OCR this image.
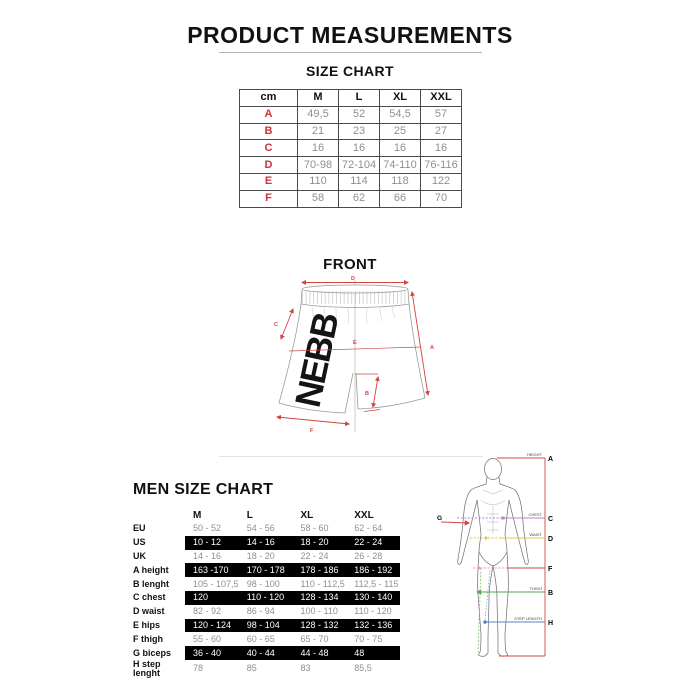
PRODUCT MEASUREMENTS
SIZE CHART
cm	M	L	XL	XXL
A	49,5	52	54,5	57
B	21	23	25	27
C	16	16	16	16
D	70-98	72-104	74-110	76-116
E	110	114	118	122
F	58	62	66	70
FRONT
NEBB
D
A
C
E
B
F
MEN SIZE CHART
	M	L	XL	XXL
EU	50 - 52	54 - 56	58 - 60	62 - 64
US	10 - 12	14 - 16	18 - 20	22 - 24
UK	14 - 16	18 - 20	22 - 24	26 - 28
A height	163 -170	170 - 178	178 - 186	186 - 192
B lenght	105 - 107,5	98 - 100	110 - 112,5	112,5 - 115
C chest	120	110 - 120	128 - 134	130 - 140
D waist	82 - 92	86 - 94	100 - 110	110 - 120
E hips	120 - 124	98 - 104	128 - 132	132 - 136
F thigh	55 - 60	60 - 65	65 - 70	70 - 75
G biceps	36 - 40	40 - 44	44 - 48	48
H step lenght	78	85	83	85,5
HEIGHT
A
G
CHEST
C
WAIST
D
F
THIGH
B
STEP LENGTH
H
